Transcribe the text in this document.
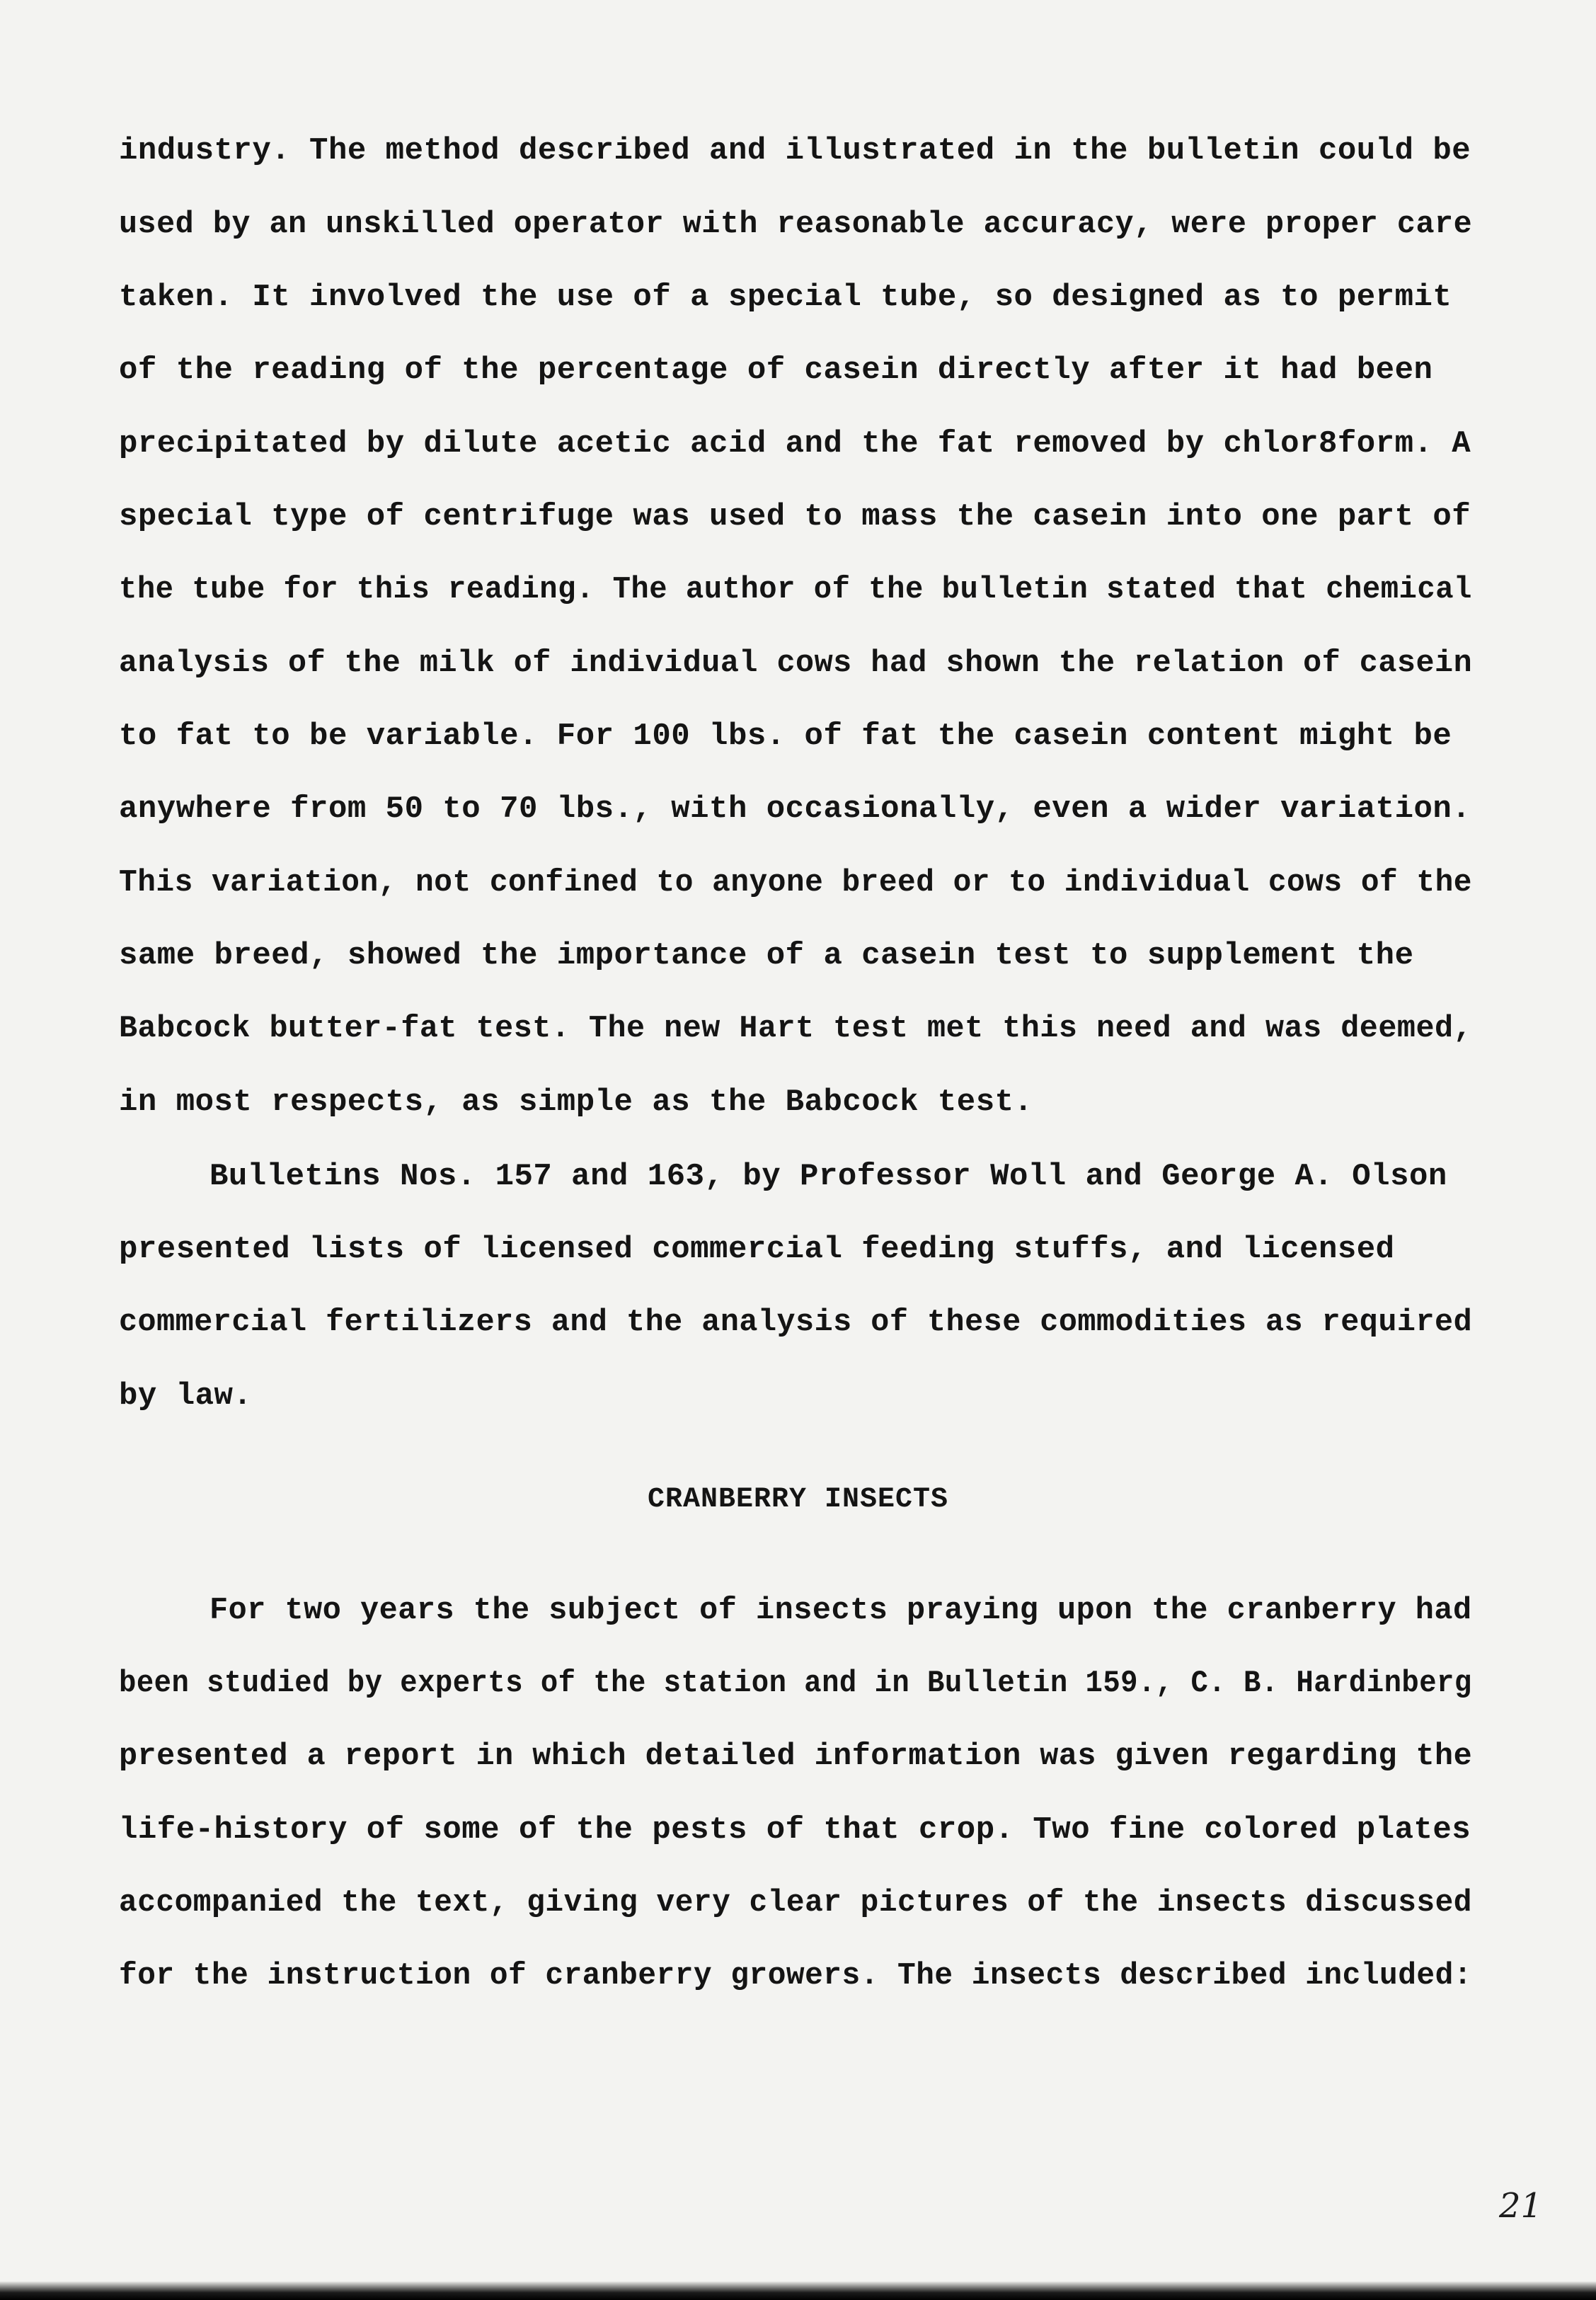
industry. The method described and illustrated in the bulletin could be
used by an unskilled operator with reasonable accuracy, were proper care
taken. It involved the use of a special tube, so designed as to permit
of the reading of the percentage of casein directly after it had been
precipitated by dilute acetic acid and the fat removed by chlor8form. A
special type of centrifuge was used to mass the casein into one part of
the tube for this reading. The author of the bulletin stated that chemical
analysis of the milk of individual cows had shown the relation of casein
to fat to be variable. For 100 lbs. of fat the casein content might be
anywhere from 50 to 70 lbs., with occasionally, even a wider variation.
This variation, not confined to anyone breed or to individual cows of the
same breed, showed the importance of a casein test to supplement the
Babcock butter-fat test. The new Hart test met this need and was deemed,
in most respects, as simple as the Babcock test.
Bulletins Nos. 157 and 163, by Professor Woll and George A. Olson
presented lists of licensed commercial feeding stuffs, and licensed
commercial fertilizers and the analysis of these commodities as required
by law.
CRANBERRY INSECTS
For two years the subject of insects praying upon the cranberry had
been studied by experts of the station and in Bulletin 159., C. B. Hardinberg
presented a report in which detailed information was given regarding the
life-history of some of the pests of that crop. Two fine colored plates
accompanied the text, giving very clear pictures of the insects discussed
for the instruction of cranberry growers. The insects described included:
21
